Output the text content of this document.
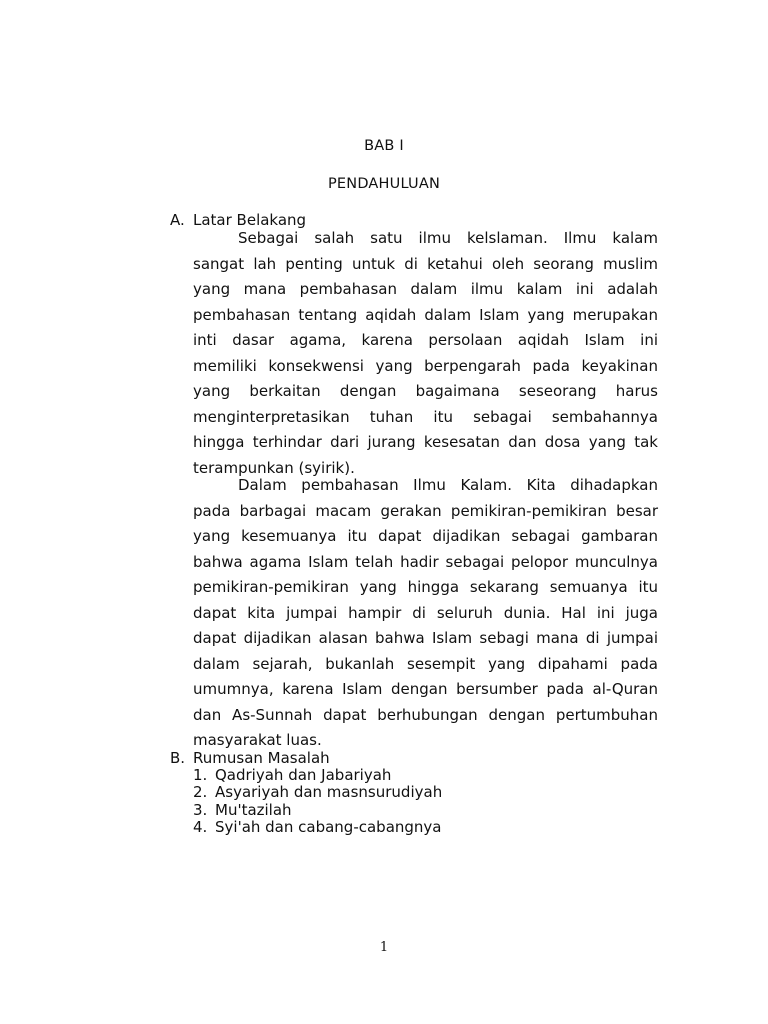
BAB I
PENDAHULUAN
A. Latar Belakang
Sebagai salah satu ilmu kelslaman. Ilmu kalam
sangat lah penting untuk di ketahui oleh seorang muslim
yang mana pembahasan dalam ilmu kalam ini adalah
pembahasan tentang aqidah dalam Islam yang merupakan
inti dasar agama, karena persolaan aqidah Islam ini
memiliki konsekwensi yang berpengarah pada keyakinan
yang berkaitan dengan bagaimana seseorang harus
menginterpretasikan tuhan itu sebagai sembahannya
hingga terhindar dari jurang kesesatan dan dosa yang tak
terampunkan (syirik).
Dalam pembahasan Ilmu Kalam. Kita dihadapkan
pada barbagai macam gerakan pemikiran-pemikiran besar
yang kesemuanya itu dapat dijadikan sebagai gambaran
bahwa agama Islam telah hadir sebagai pelopor munculnya
pemikiran-pemikiran yang hingga sekarang semuanya itu
dapat kita jumpai hampir di seluruh dunia. Hal ini juga
dapat dijadikan alasan bahwa Islam sebagi mana di jumpai
dalam sejarah, bukanlah sesempit yang dipahami pada
umumnya, karena Islam dengan bersumber pada al-Quran
dan As-Sunnah dapat berhubungan dengan pertumbuhan
masyarakat luas.
B. Rumusan Masalah
1. Qadriyah dan Jabariyah
2. Asyariyah dan masnsurudiyah
3. Mu'tazilah
4. Syi'ah dan cabang-cabangnya
1
